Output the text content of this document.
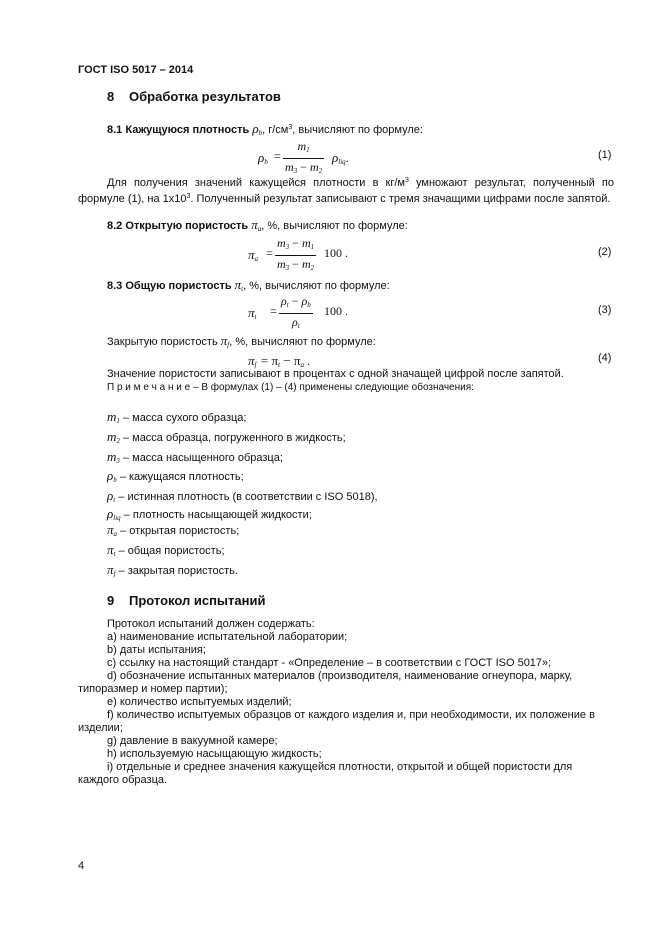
ГОСТ ISO 5017 – 2014
8 Обработка результатов
8.1 Кажущуюся плотность $\rho_b$, $г/см^3$, вычисляют по формуле:
$\rho_b$ =
$m_1$
$m_3 - m_2$
$\rho_{liq}$.	(1)
Для получения значений кажущейся плотности в $кг/м^3$ умножают результат, полученный по формуле (1), на $1х10^3$. Полученный результат записывают с тремя значащими цифрами после запятой.
8.2 Открытую пористость $\pi_a$, %, вычисляют по формуле:
$\pi_a$ =
$m_3 - m_1$
$m_3 - m_2$
100 .	(2)
8.3 Общую пористость $\pi_t$, %, вычисляют по формуле:
$\pi_t$ =
$\rho_t - \rho_b$
$\rho_t$
100 .	(3)
Закрытую пористость $\pi_f$, %, вычисляют по формуле:
$\pi_f = \pi_t - \pi_a$ .	(4)
Значение пористости записывают в процентах с одной значащей цифрой после запятой.
П р и м е ч а н и е – В формулах (1) – (4) применены следующие обозначения:
$m_1$ – масса сухого образца;
$m_2$ – масса образца, погруженного в жидкость;
$m_3$ – масса насыщенного образца;
$\rho_b$ – кажущаяся плотность;
$\rho_t$ – истинная плотность (в соответствии с ISO 5018),
$\rho_{liq}$ – плотность насыщающей жидкости;
$\pi_a$ – открытая пористость;
$\pi_t$ – общая пористость;
$\pi_f$ – закрытая пористость.
9 Протокол испытаний
Протокол испытаний должен содержать:
a) наименование испытательной лаборатории;
b) даты испытания;
c) ссылку на настоящий стандарт - «Определение – в соответствии с ГОСТ ISO 5017»;
d) обозначение испытанных материалов (производителя, наименование огнеупора, марку,
типоразмер и номер партии);
e) количество испытуемых изделий;
f) количество испытуемых образцов от каждого изделия и, при необходимости, их положение в
изделии;
g) давление в вакуумной камере;
h) используемую насыщающую жидкость;
i) отдельные и среднее значения кажущейся плотности, открытой и общей пористости для
каждого образца.
4
